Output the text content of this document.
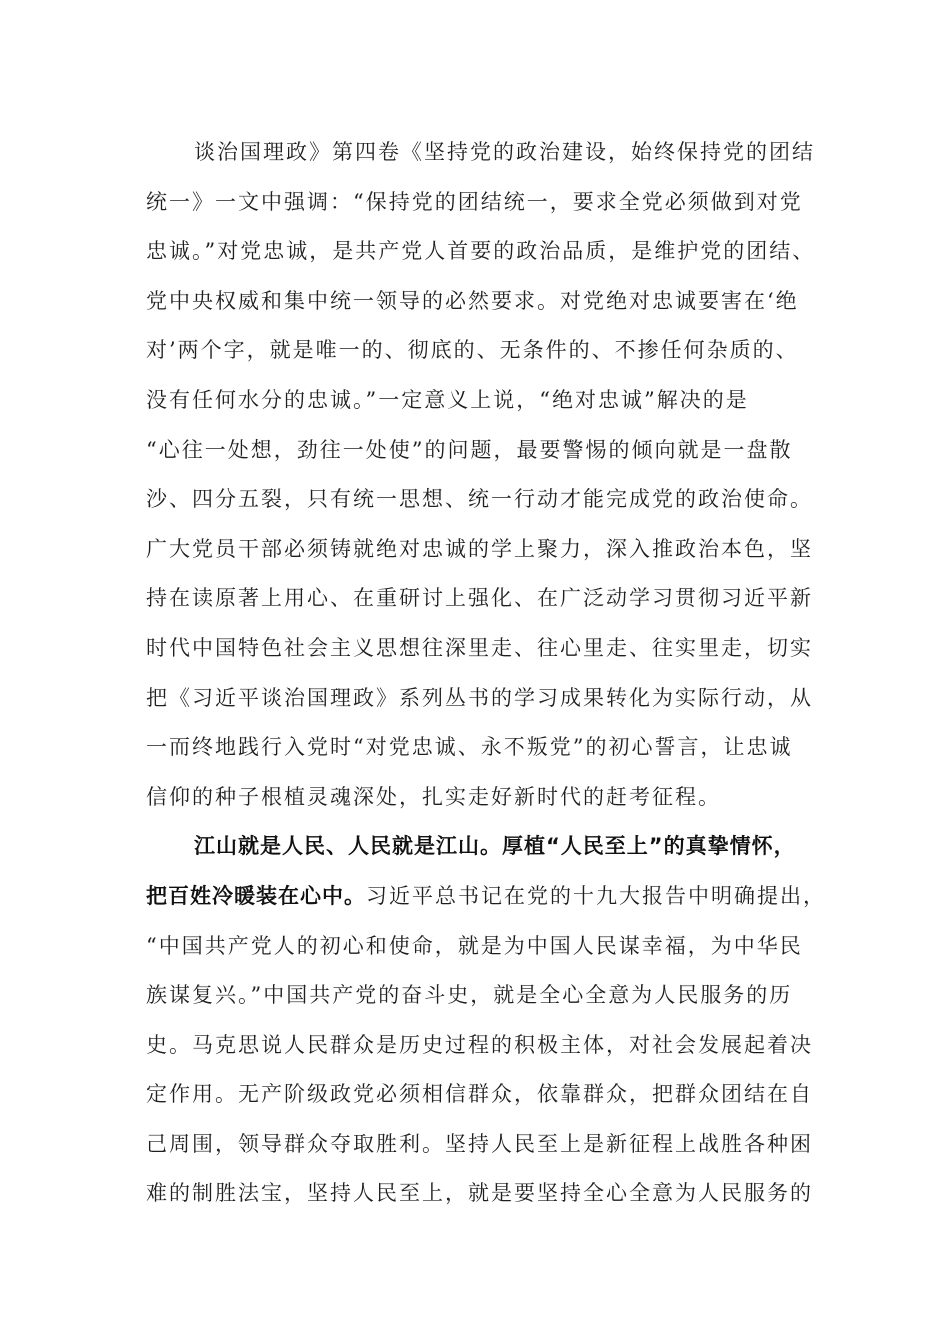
谈治国理政》第四卷《坚持党的政治建设，始终保持党的团结
统一》一文中强调：“保持党的团结统一，要求全党必须做到对党
忠诚。”对党忠诚，是共产党人首要的政治品质，是维护党的团结、
党中央权威和集中统一领导的必然要求。对党绝对忠诚要害在‘绝
对’两个字，就是唯一的、彻底的、无条件的、不掺任何杂质的、
没有任何水分的忠诚。”一定意义上说，“绝对忠诚”解决的是
“心往一处想，劲往一处使”的问题，最要警惕的倾向就是一盘散
沙、四分五裂，只有统一思想、统一行动才能完成党的政治使命。
广大党员干部必须铸就绝对忠诚的学上聚力，深入推政治本色，坚
持在读原著上用心、在重研讨上强化、在广泛动学习贯彻习近平新
时代中国特色社会主义思想往深里走、往心里走、往实里走，切实
把《习近平谈治国理政》系列丛书的学习成果转化为实际行动，从
一而终地践行入党时“对党忠诚、永不叛党”的初心誓言，让忠诚
信仰的种子根植灵魂深处，扎实走好新时代的赶考征程。
江山就是人民、人民就是江山。厚植“人民至上”的真挚情怀，
把百姓冷暖装在心中。习近平总书记在党的十九大报告中明确提出，
“中国共产党人的初心和使命，就是为中国人民谋幸福，为中华民
族谋复兴。”中国共产党的奋斗史，就是全心全意为人民服务的历
史。马克思说人民群众是历史过程的积极主体，对社会发展起着决
定作用。无产阶级政党必须相信群众，依靠群众，把群众团结在自
己周围，领导群众夺取胜利。坚持人民至上是新征程上战胜各种困
难的制胜法宝，坚持人民至上，就是要坚持全心全意为人民服务的
